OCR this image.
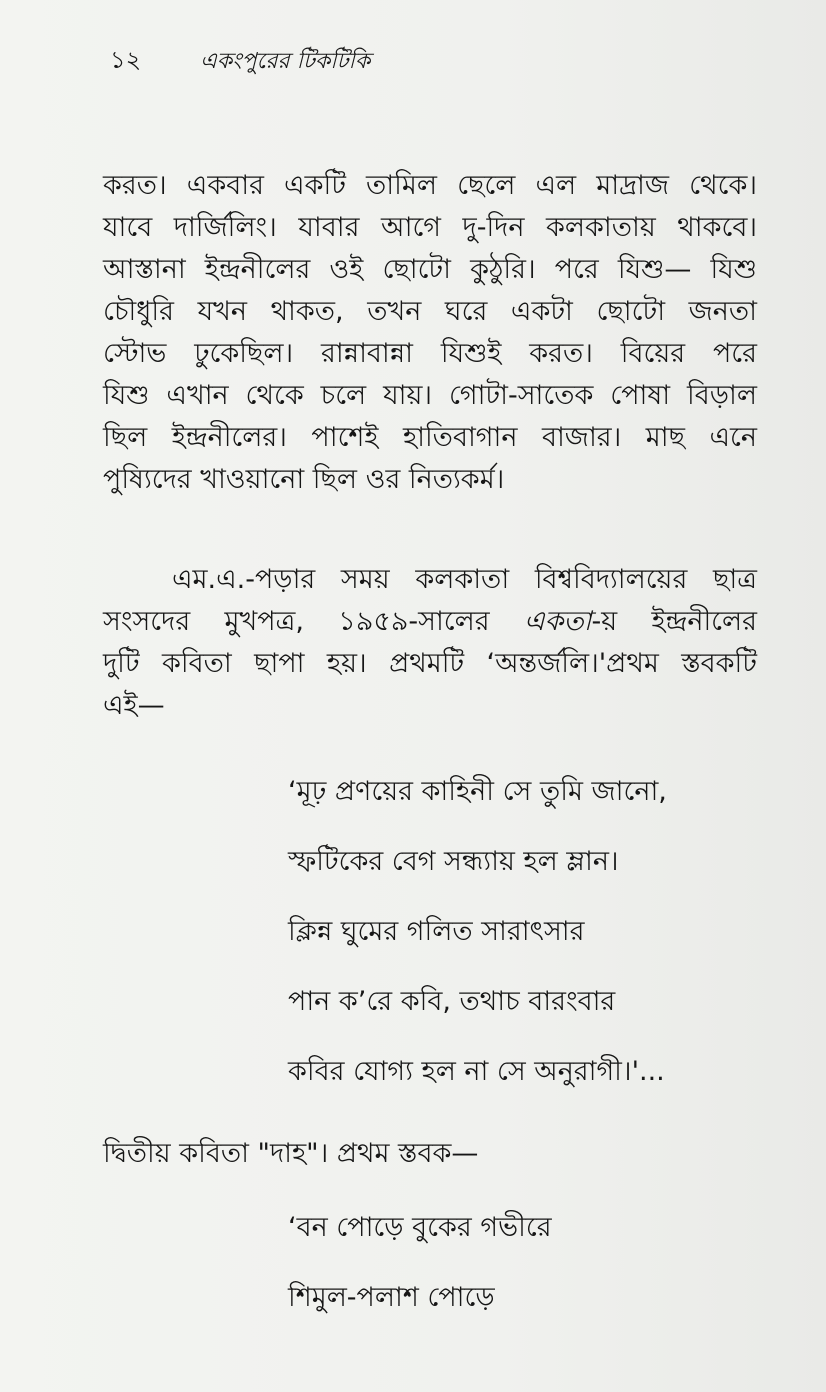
১২	একংপুরের টিকটিকি
করত। একবার একটি তামিল ছেলে এল মাদ্রাজ থেকে।
যাবে দার্জিলিং। যাবার আগে দু-দিন কলকাতায় থাকবে।
আস্তানা ইন্দ্রনীলের ওই ছোটো কুঠুরি। পরে যিশু— যিশু
চৌধুরি যখন থাকত, তখন ঘরে একটা ছোটো জনতা
স্টোভ ঢুকেছিল। রান্নাবান্না যিশুই করত। বিয়ের পরে
যিশু এখান থেকে চলে যায়। গোটা-সাতেক পোষা বিড়াল
ছিল ইন্দ্রনীলের। পাশেই হাতিবাগান বাজার। মাছ এনে
পুষ্যিদের খাওয়ানো ছিল ওর নিত্যকর্ম।
এম.এ.-পড়ার সময় কলকাতা বিশ্ববিদ্যালয়ের ছাত্র
সংসদের মুখপত্র, ১৯৫৯-সালের একতা-য় ইন্দ্রনীলের
দুটি কবিতা ছাপা হয়। প্রথমটি ‘অন্তর্জলি।'প্রথম স্তবকটি
এই—
‘মূঢ় প্রণয়ের কাহিনী সে তুমি জানো,
স্ফটিকের বেগ সন্ধ্যায় হল ম্লান।
ক্লিন্ন ঘুমের গলিত সারাৎসার
পান ক’রে কবি, তথাচ বারংবার
কবির যোগ্য হল না সে অনুরাগী।'...
দ্বিতীয় কবিতা "দাহ"। প্রথম স্তবক—
‘বন পোড়ে বুকের গভীরে
শিমুল-পলাশ পোড়ে
